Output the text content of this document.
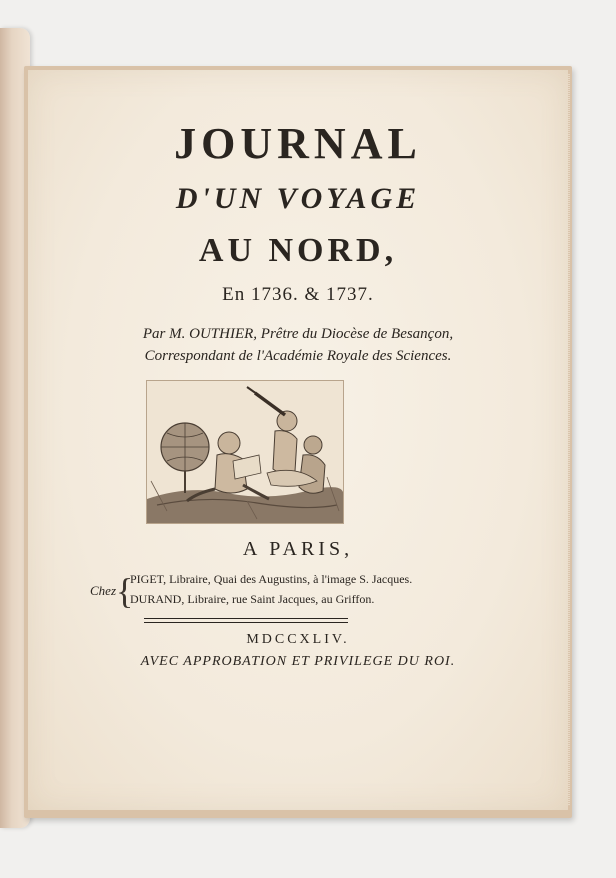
JOURNAL
D'UN VOYAGE
AU NORD,
En 1736. & 1737.
Par M. OUTHIER, Prêtre du Diocèse de Besançon,
Correspondant de l'Académie Royale des Sciences.
A PARIS,
Chez {
PIGET, Libraire, Quai des Augustins, à l'image S. Jacques.
DURAND, Libraire, rue Saint Jacques, au Griffon.
MDCCXLIV.
AVEC APPROBATION ET PRIVILEGE DU ROI.
